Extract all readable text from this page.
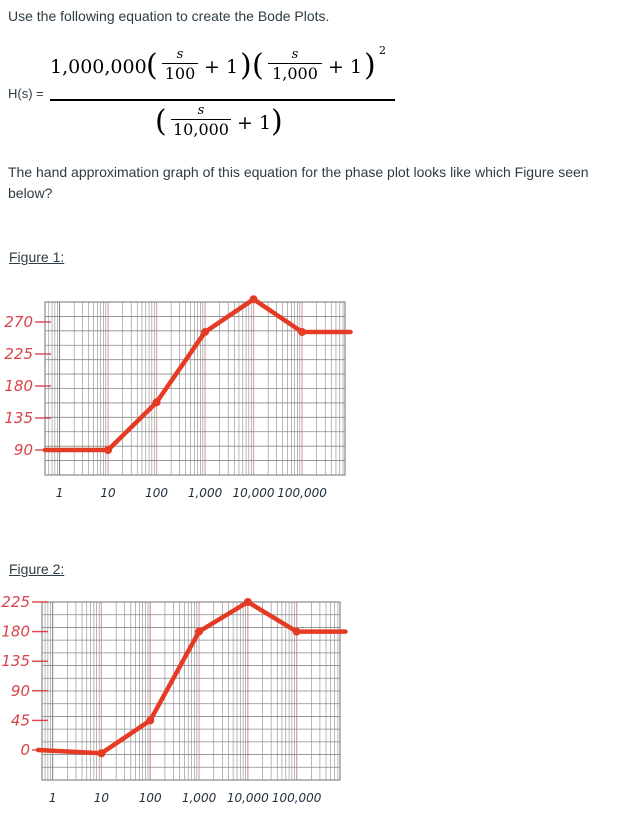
Use the following equation to create the Bode Plots.
H(s) =
1,000,000 (	s
100 + 1 ) (	s
1,000 + 1 ) 2
(	s
10,000 + 1 )
The hand approximation graph of this equation for the phase plot looks like which Figure seen below?
Figure 1:
90
135
180
225
270
1	10 100 1,000 10,000 100,000
Figure 2:
0
45
90
135
180
225
1	10 100 1,000 10,000 100,000
